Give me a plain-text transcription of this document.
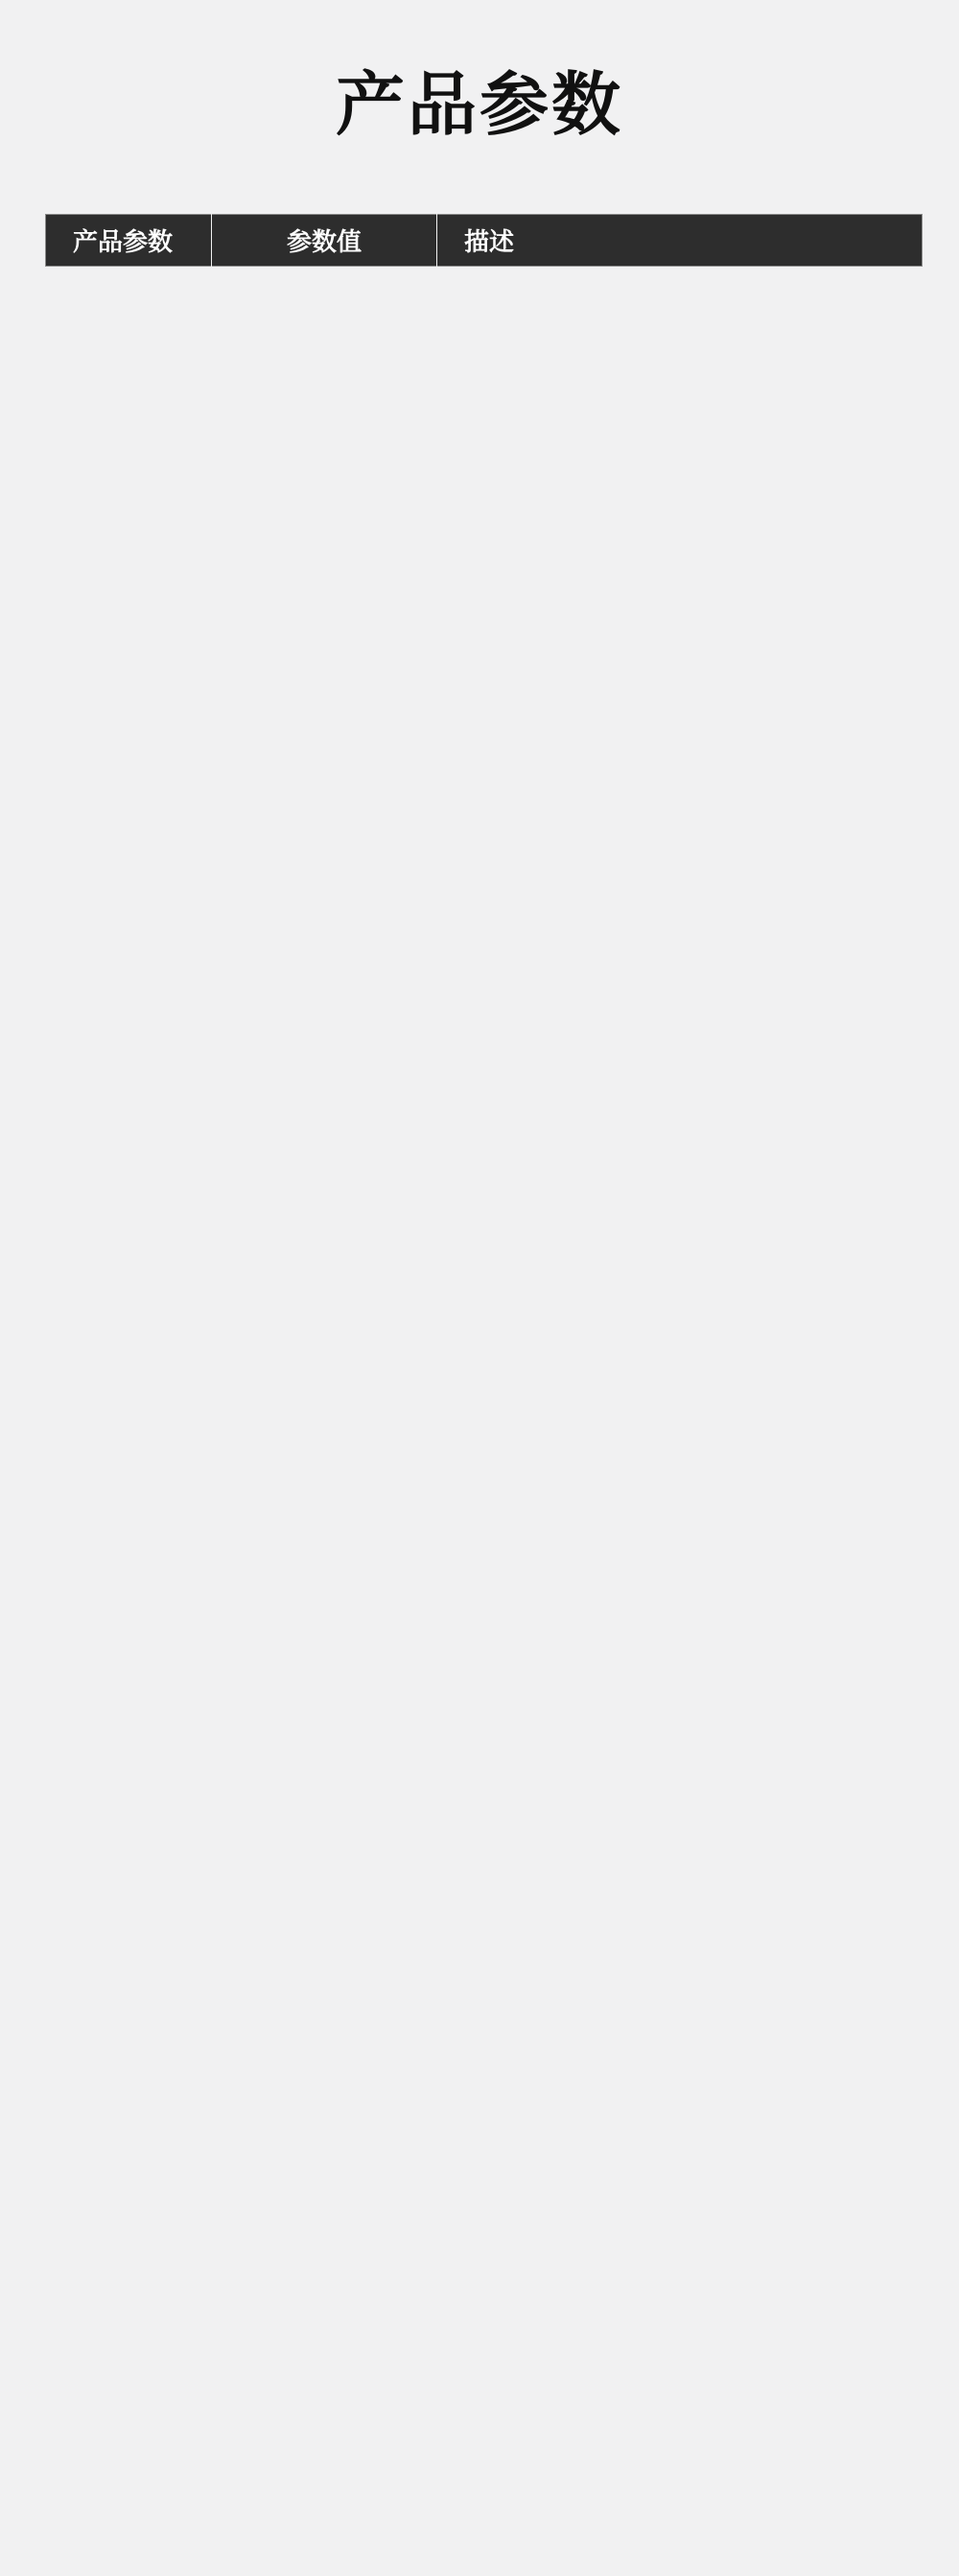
产品参数
产品参数	参数值	描述
